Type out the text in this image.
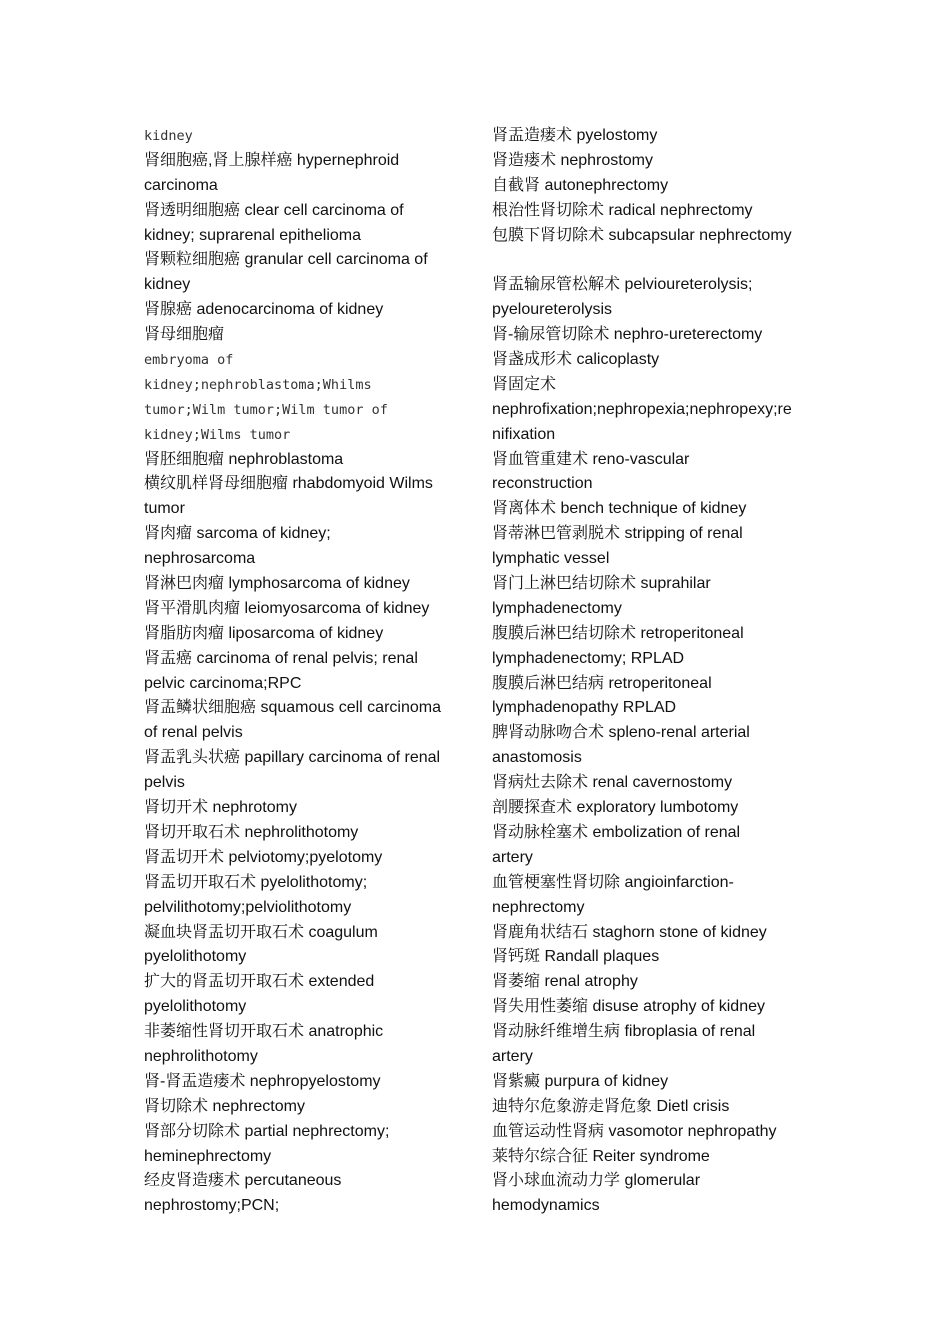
kidney
肾细胞癌,肾上腺样癌 hypernephroid
carcinoma
肾透明细胞癌 clear cell carcinoma of
kidney; suprarenal epithelioma
肾颗粒细胞癌 granular cell carcinoma of
kidney
肾腺癌 adenocarcinoma of kidney
肾母细胞瘤
embryoma of
kidney;nephroblastoma;Whilms
tumor;Wilm tumor;Wilm tumor of
kidney;Wilms tumor
肾胚细胞瘤 nephroblastoma
横纹肌样肾母细胞瘤 rhabdomyoid Wilms
tumor
肾肉瘤 sarcoma of kidney;
nephrosarcoma
肾淋巴肉瘤 lymphosarcoma of kidney
肾平滑肌肉瘤 leiomyosarcoma of kidney
肾脂肪肉瘤 liposarcoma of kidney
肾盂癌 carcinoma of renal pelvis; renal
pelvic carcinoma;RPC
肾盂鳞状细胞癌 squamous cell carcinoma
of renal pelvis
肾盂乳头状癌 papillary carcinoma of renal
pelvis
肾切开术 nephrotomy
肾切开取石术 nephrolithotomy
肾盂切开术 pelviotomy;pyelotomy
肾盂切开取石术 pyelolithotomy;
pelvilithotomy;pelviolithotomy
凝血块肾盂切开取石术 coagulum
pyelolithotomy
扩大的肾盂切开取石术 extended
pyelolithotomy
非萎缩性肾切开取石术 anatrophic
nephrolithotomy
肾-肾盂造瘘术 nephropyelostomy
肾切除术 nephrectomy
肾部分切除术 partial nephrectomy;
heminephrectomy
经皮肾造瘘术 percutaneous
nephrostomy;PCN;
肾盂造瘘术 pyelostomy
肾造瘘术 nephrostomy
自截肾 autonephrectomy
根治性肾切除术 radical nephrectomy
包膜下肾切除术 subcapsular nephrectomy
肾盂输尿管松解术 pelvioureterolysis;
pyeloureterolysis
肾-输尿管切除术 nephro-ureterectomy
肾盏成形术 calicoplasty
肾固定术
nephrofixation;nephropexia;nephropexy;re
nifixation
肾血管重建术 reno-vascular
reconstruction
肾离体术 bench technique of kidney
肾蒂淋巴管剥脱术 stripping of renal
lymphatic vessel
肾门上淋巴结切除术 suprahilar
lymphadenectomy
腹膜后淋巴结切除术 retroperitoneal
lymphadenectomy; RPLAD
腹膜后淋巴结病 retroperitoneal
lymphadenopathy RPLAD
脾肾动脉吻合术 spleno-renal arterial
anastomosis
肾病灶去除术 renal cavernostomy
剖腰探查术 exploratory lumbotomy
肾动脉栓塞术 embolization of renal
artery
血管梗塞性肾切除 angioinfarction-
nephrectomy
肾鹿角状结石 staghorn stone of kidney
肾钙斑 Randall plaques
肾萎缩 renal atrophy
肾失用性萎缩 disuse atrophy of kidney
肾动脉纤维增生病 fibroplasia of renal
artery
肾紫癜 purpura of kidney
迪特尔危象游走肾危象 Dietl crisis
血管运动性肾病 vasomotor nephropathy
莱特尔综合征 Reiter syndrome
肾小球血流动力学 glomerular
hemodynamics
